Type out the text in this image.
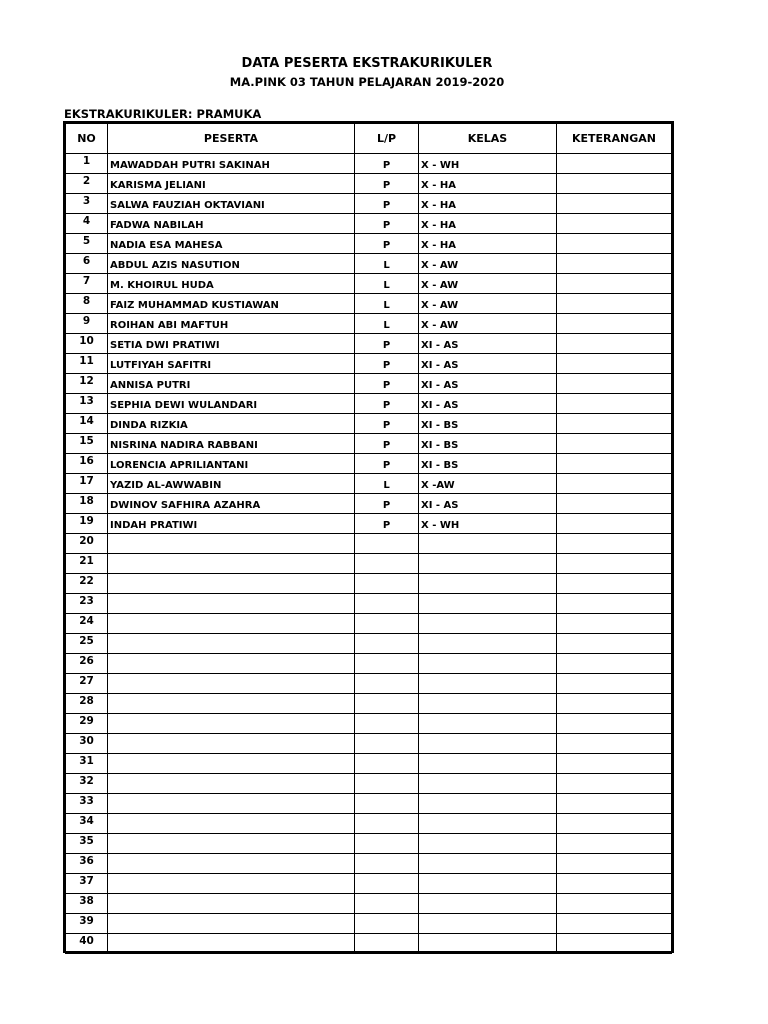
DATA PESERTA EKSTRAKURIKULER
MA.PINK 03 TAHUN PELAJARAN 2019-2020
EKSTRAKURIKULER: PRAMUKA
NO	PESERTA	L/P	KELAS	KETERANGAN
1	MAWADDAH PUTRI SAKINAH	P	X - WH	
2	KARISMA JELIANI	P	X - HA	
3	SALWA FAUZIAH OKTAVIANI	P	X - HA	
4	FADWA NABILAH	P	X - HA	
5	NADIA ESA MAHESA	P	X - HA	
6	ABDUL AZIS NASUTION	L	X - AW	
7	M. KHOIRUL HUDA	L	X - AW	
8	FAIZ MUHAMMAD KUSTIAWAN	L	X - AW	
9	ROIHAN ABI MAFTUH	L	X - AW	
10	SETIA DWI PRATIWI	P	XI - AS	
11	LUTFIYAH SAFITRI	P	XI - AS	
12	ANNISA PUTRI	P	XI - AS	
13	SEPHIA DEWI WULANDARI	P	XI - AS	
14	DINDA RIZKIA	P	XI - BS	
15	NISRINA NADIRA RABBANI	P	XI - BS	
16	LORENCIA APRILIANTANI	P	XI - BS	
17	YAZID AL-AWWABIN	L	X -AW	
18	DWINOV SAFHIRA AZAHRA	P	XI - AS	
19	INDAH PRATIWI	P	X - WH	
20				
21				
22				
23				
24				
25				
26				
27				
28				
29				
30				
31				
32				
33				
34				
35				
36				
37				
38				
39				
40				
